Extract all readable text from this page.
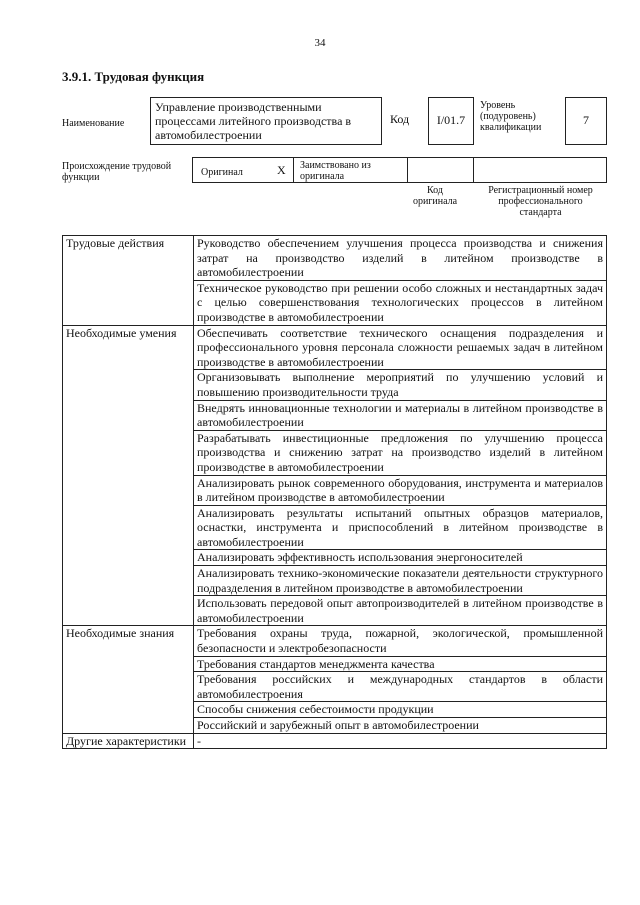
34
3.9.1. Трудовая функция
Наименование
Управление производственными процессами литейного производства в автомобилестроении
Код	I/01.7
Уровень (подуровень) квалификации
7
Происхождение трудовой функции	Оригинал	X Заимствовано из оригинала
Код оригинала
Регистрационный номер профессионального стандарта
Трудовые действия	Руководство обеспечением улучшения процесса производства и снижения затрат на производство изделий в литейном производстве в автомобилестроении
	Техническое руководство при решении особо сложных и нестандартных задач с целью совершенствования технологических процессов в литейном производстве в автомобилестроении
Необходимые умения	Обеспечивать соответствие технического оснащения подразделения и профессионального уровня персонала сложности решаемых задач в литейном производстве в автомобилестроении
	Организовывать выполнение мероприятий по улучшению условий и повышению производительности труда
	Внедрять инновационные технологии и материалы в литейном производстве в автомобилестроении
	Разрабатывать инвестиционные предложения по улучшению процесса производства и снижению затрат на производство изделий в литейном производстве в автомобилестроении
	Анализировать рынок современного оборудования, инструмента и материалов в литейном производстве в автомобилестроении
	Анализировать результаты испытаний опытных образцов материалов, оснастки, инструмента и приспособлений в литейном производстве в автомобилестроении
	Анализировать эффективность использования энергоносителей
	Анализировать технико-экономические показатели деятельности структурного подразделения в литейном производстве в автомобилестроении
	Использовать передовой опыт автопроизводителей в литейном производстве в автомобилестроении
Необходимые знания	Требования охраны труда, пожарной, экологической, промышленной безопасности и электробезопасности
	Требования стандартов менеджмента качества
	Требования российских и международных стандартов в области автомобилестроения
	Способы снижения себестоимости продукции
	Российский и зарубежный опыт в автомобилестроении
Другие характеристики	-
